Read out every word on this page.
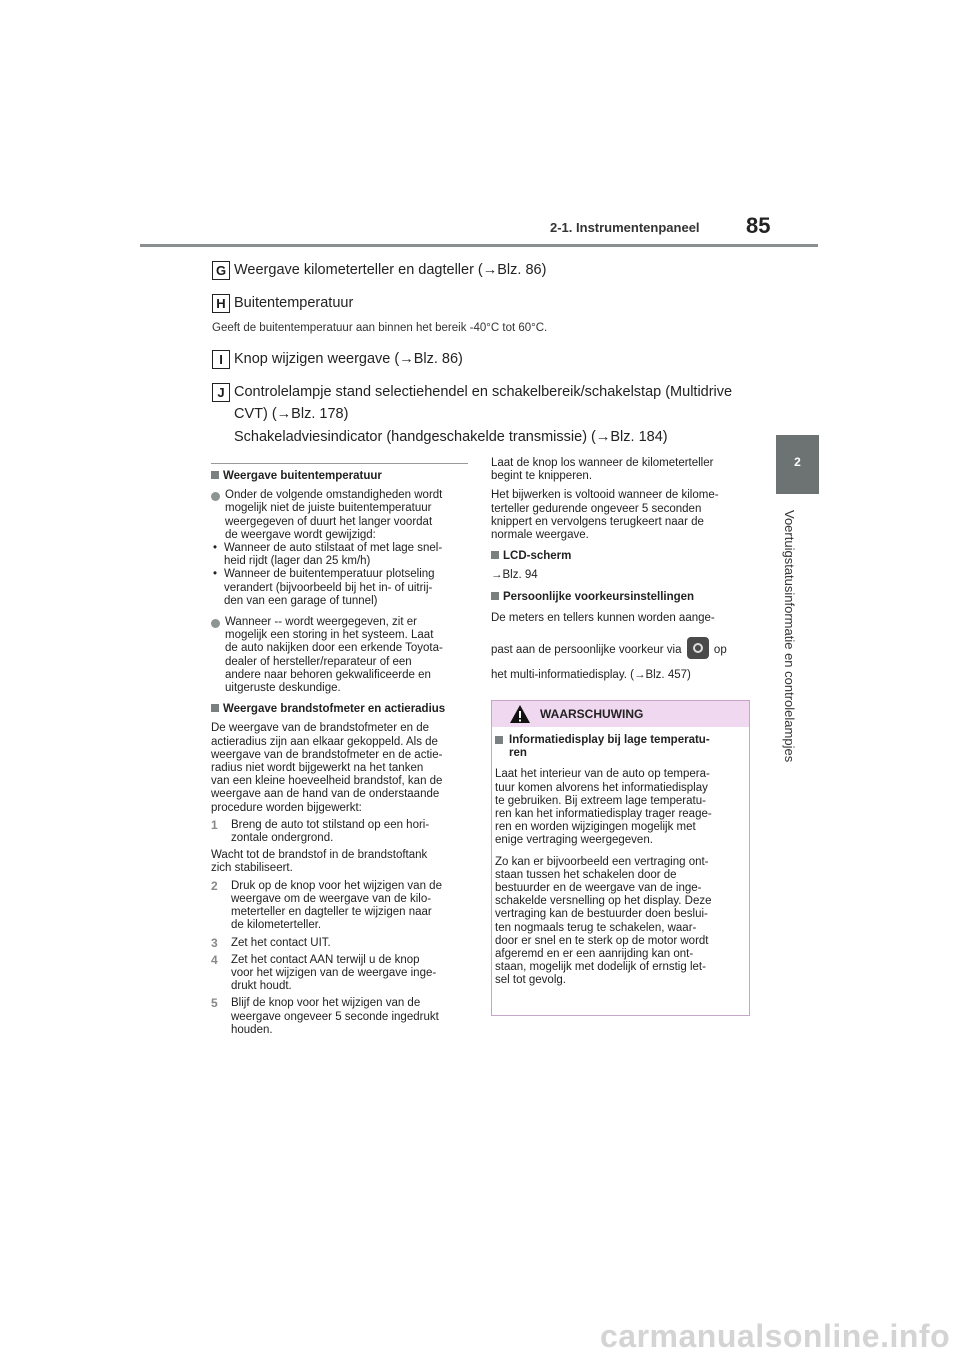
2-1. Instrumentenpaneel 85
2
Voertuigstatusinformatie en controlelampjes
G Weergave kilometerteller en dagteller (→Blz. 86)
H Buitentemperatuur
Geeft de buitentemperatuur aan binnen het bereik -40°C tot 60°C.
I Knop wijzigen weergave (→Blz. 86)
J Controlelampje stand selectiehendel en schakelbereik/schakelstap (Multidrive
CVT) (→Blz. 178)
Schakeladviesindicator (handgeschakelde transmissie) (→Blz. 184)
Weergave buitentemperatuur
Onder de volgende omstandigheden wordt
mogelijk niet de juiste buitentemperatuur
weergegeven of duurt het langer voordat
de weergave wordt gewijzigd:
• Wanneer de auto stilstaat of met lage snel-
heid rijdt (lager dan 25 km/h)
• Wanneer de buitentemperatuur plotseling
verandert (bijvoorbeeld bij het in- of uitrij-
den van een garage of tunnel)
Wanneer -- wordt weergegeven, zit er
mogelijk een storing in het systeem. Laat
de auto nakijken door een erkende Toyota-
dealer of hersteller/reparateur of een
andere naar behoren gekwalificeerde en
uitgeruste deskundige.
Weergave brandstofmeter en actieradius
De weergave van de brandstofmeter en de
actieradius zijn aan elkaar gekoppeld. Als de
weergave van de brandstofmeter en de actie-
radius niet wordt bijgewerkt na het tanken
van een kleine hoeveelheid brandstof, kan de
weergave aan de hand van de onderstaande
procedure worden bijgewerkt:
1 Breng de auto tot stilstand op een hori-
zontale ondergrond.
Wacht tot de brandstof in de brandstoftank
zich stabiliseert.
2 Druk op de knop voor het wijzigen van de
weergave om de weergave van de kilo-
meterteller en dagteller te wijzigen naar
de kilometerteller.
3 Zet het contact UIT.
4 Zet het contact AAN terwijl u de knop
voor het wijzigen van de weergave inge-
drukt houdt.
5 Blijf de knop voor het wijzigen van de
weergave ongeveer 5 seconde ingedrukt
houden.
Laat de knop los wanneer de kilometerteller
begint te knipperen.
Het bijwerken is voltooid wanneer de kilome-
terteller gedurende ongeveer 5 seconden
knippert en vervolgens terugkeert naar de
normale weergave.
LCD-scherm
→Blz. 94
Persoonlijke voorkeursinstellingen
De meters en tellers kunnen worden aange-
past aan de persoonlijke voorkeur via	op
het multi-informatiedisplay. (→Blz. 457)
WAARSCHUWING
Informatiedisplay bij lage temperatu-
ren
Laat het interieur van de auto op tempera-
tuur komen alvorens het informatiedisplay
te gebruiken. Bij extreem lage temperatu-
ren kan het informatiedisplay trager reage-
ren en worden wijzigingen mogelijk met
enige vertraging weergegeven.
Zo kan er bijvoorbeeld een vertraging ont-
staan tussen het schakelen door de
bestuurder en de weergave van de inge-
schakelde versnelling op het display. Deze
vertraging kan de bestuurder doen beslui-
ten nogmaals terug te schakelen, waar-
door er snel en te sterk op de motor wordt
afgeremd en er een aanrijding kan ont-
staan, mogelijk met dodelijk of ernstig let-
sel tot gevolg.
carmanualsonline.info
